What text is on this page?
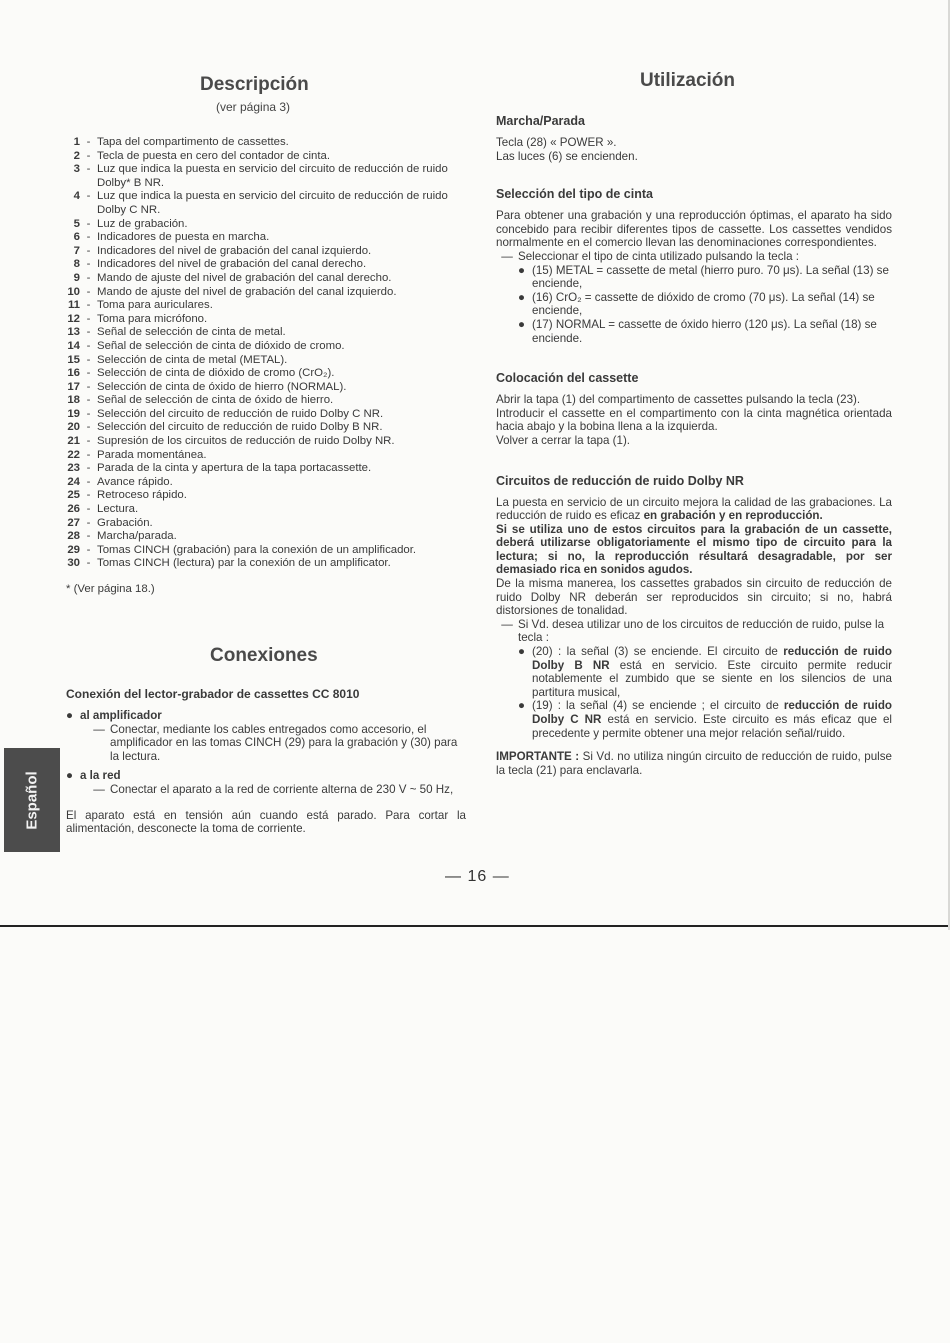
Descripción

(ver página 3)

1 - Tapa del compartimento de cassettes.
2 - Tecla de puesta en cero del contador de cinta.
3 - Luz que indica la puesta en servicio del circuito de reducción de ruido Dolby* B NR.
4 - Luz que indica la puesta en servicio del circuito de reducción de ruido Dolby C NR.
5 - Luz de grabación.
6 - Indicadores de puesta en marcha.
7 - Indicadores del nivel de grabación del canal izquierdo.
8 - Indicadores del nivel de grabación del canal derecho.
9 - Mando de ajuste del nivel de grabación del canal derecho.
10 - Mando de ajuste del nivel de grabación del canal izquierdo.
11 - Toma para auriculares.
12 - Toma para micrófono.
13 - Señal de selección de cinta de metal.
14 - Señal de selección de cinta de dióxido de cromo.
15 - Selección de cinta de metal (METAL).
16 - Selección de cinta de dióxido de cromo (CrO₂).
17 - Selección de cinta de óxido de hierro (NORMAL).
18 - Señal de selección de cinta de óxido de hierro.
19 - Selección del circuito de reducción de ruido Dolby C NR.
20 - Selección del circuito de reducción de ruido Dolby B NR.
21 - Supresión de los circuitos de reducción de ruido Dolby NR.
22 - Parada momentánea.
23 - Parada de la cinta y apertura de la tapa portacassette.
24 - Avance rápido.
25 - Retroceso rápido.
26 - Lectura.
27 - Grabación.
28 - Marcha/parada.
29 - Tomas CINCH (grabación) para la conexión de un amplificador.
30 - Tomas CINCH (lectura) par la conexión de un amplificator.
* (Ver página 18.)
Conexiones
Conexión del lector-grabador de cassettes CC 8010
● al amplificador
— Conectar, mediante los cables entregados como accesorio, el amplificador en las tomas CINCH (29) para la grabación y (30) para la lectura.
● a la red
— Conectar el aparato a la red de corriente alterna de 230 V ~ 50 Hz,

El aparato está en tensión aún cuando está parado. Para cortar la alimentación, desconecte la toma de corriente.

Utilización
Marcha/Parada

Tecla (28) « POWER ».

Las luces (6) se encienden.

Selección del tipo de cinta

Para obtener una grabación y una reproducción óptimas, el aparato ha sido concebido para recibir diferentes tipos de cassette. Los cassettes vendidos normalmente en el comercio llevan las denominaciones correspondientes.

— Seleccionar el tipo de cinta utilizado pulsando la tecla :
● (15) METAL = cassette de metal (hierro puro. 70 μs). La señal (13) se enciende,
● (16) CrO₂ = cassette de dióxido de cromo (70 μs). La señal (14) se enciende,
● (17) NORMAL = cassette de óxido hierro (120 μs). La señal (18) se enciende.
Colocación del cassette

Abrir la tapa (1) del compartimento de cassettes pulsando la tecla (23).

Introducir el cassette en el compartimento con la cinta magnética orientada hacia abajo y la bobina llena a la izquierda.

Volver a cerrar la tapa (1).

Circuitos de reducción de ruido Dolby NR

La puesta en servicio de un circuito mejora la calidad de las grabaciones. La reducción de ruido es eficaz en grabación y en reproducción.

Si se utiliza uno de estos circuitos para la grabación de un cassette, deberá utilizarse obligatoriamente el mismo tipo de circuito para la lectura; si no, la reproducción résultará desagradable, por ser demasiado rica en sonidos agudos.

De la misma manerea, los cassettes grabados sin circuito de reducción de ruido Dolby NR deberán ser reproducidos sin circuito; si no, habrá distorsiones de tonalidad.

— Si Vd. desea utilizar uno de los circuitos de reducción de ruido, pulse la tecla :
● (20) : la señal (3) se enciende. El circuito de reducción de ruido Dolby B NR está en servicio. Este circuito permite reducir notablemente el zumbido que se siente en los silencios de una partitura musical,
● (19) : la señal (4) se enciende ; el circuito de reducción de ruido Dolby C NR está en servicio. Este circuito es más eficaz que el precedente y permite obtener una mejor relación señal/ruido.

IMPORTANTE : Si Vd. no utiliza ningún circuito de reducción de ruido, pulse la tecla (21) para enclavarla.

— 16 —
Español
